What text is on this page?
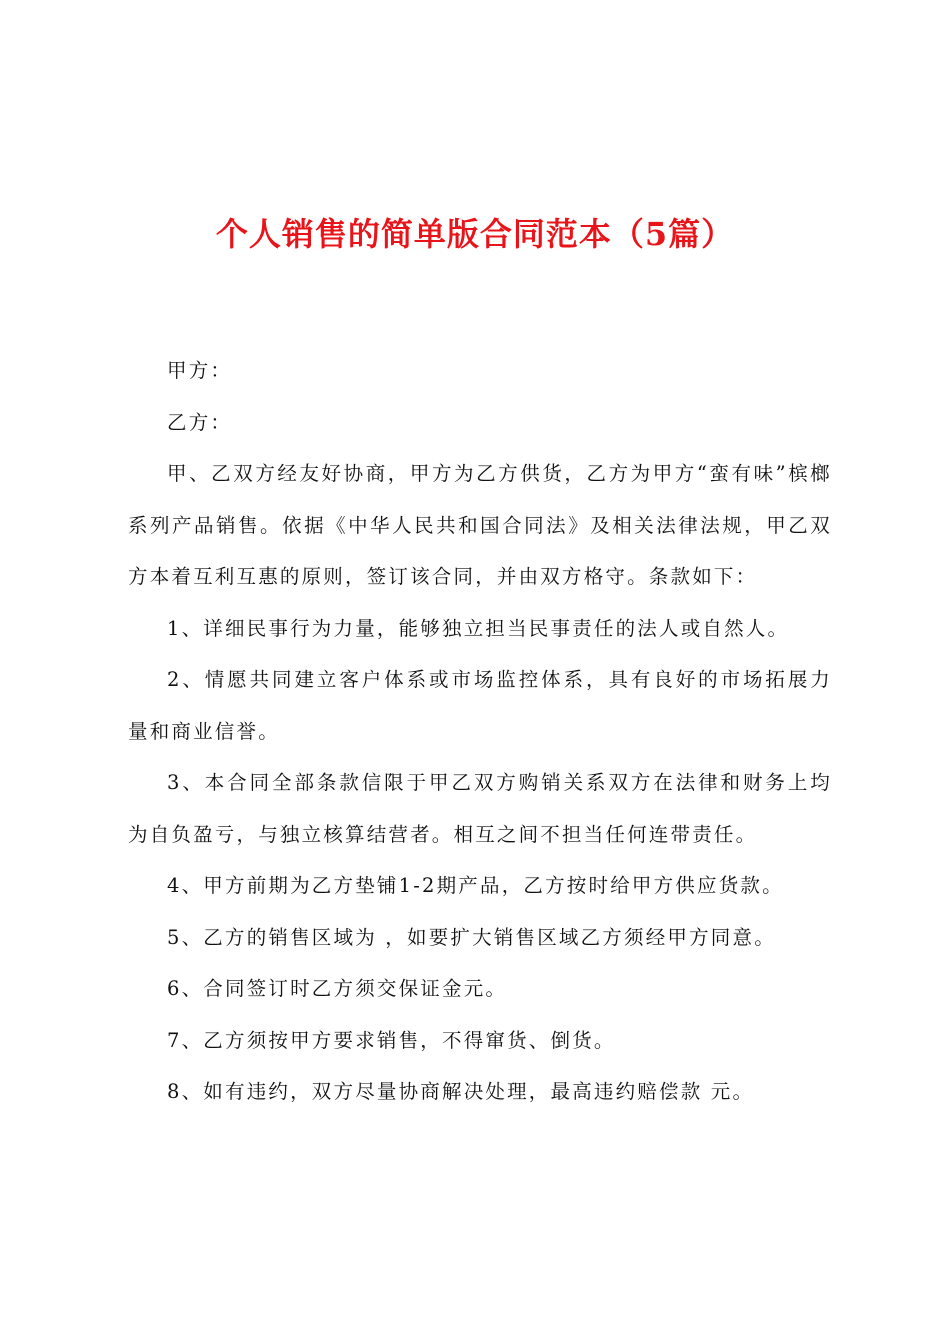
个人销售的简单版合同范本（5篇）

甲方：

乙方：

甲、乙双方经友好协商，甲方为乙方供货，乙方为甲方“蛮有味”槟榔系列产品销售。依据《中华人民共和国合同法》及相关法律法规，甲乙双方本着互利互惠的原则，签订该合同，并由双方格守。条款如下：

1、详细民事行为力量，能够独立担当民事责任的法人或自然人。

2、情愿共同建立客户体系或市场监控体系，具有良好的市场拓展力量和商业信誉。

3、本合同全部条款信限于甲乙双方购销关系双方在法律和财务上均为自负盈亏，与独立核算结营者。相互之间不担当任何连带责任。

4、甲方前期为乙方垫铺1-2期产品，乙方按时给甲方供应货款。

5、乙方的销售区域为 ，如要扩大销售区域乙方须经甲方同意。

6、合同签订时乙方须交保证金元。

7、乙方须按甲方要求销售，不得窜货、倒货。

8、如有违约，双方尽量协商解决处理，最高违约赔偿款 元。
